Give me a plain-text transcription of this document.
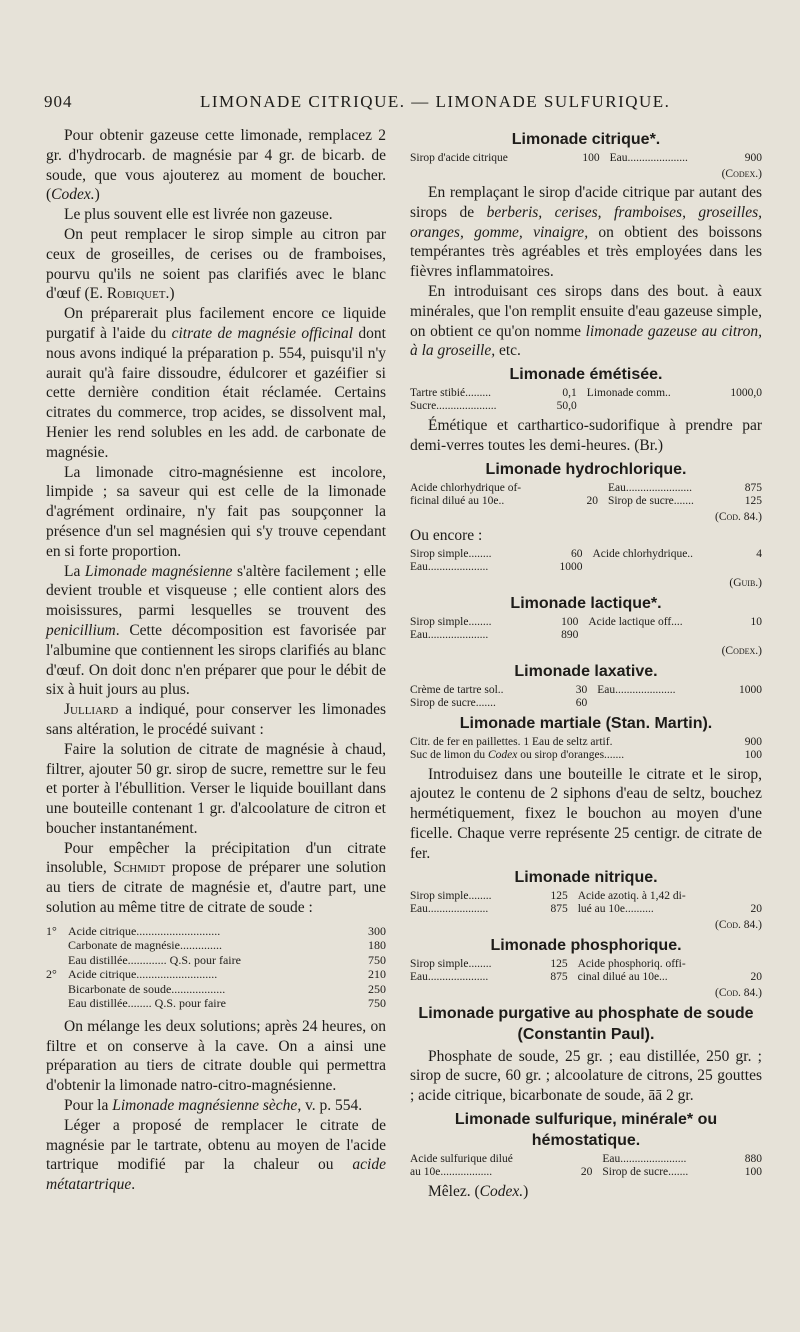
904	LIMONADE CITRIQUE. — LIMONADE SULFURIQUE.

Pour obtenir gazeuse cette limonade, remplacez 2 gr. d'hydrocarb. de magnésie par 4 gr. de bicarb. de soude, que vous ajouterez au moment de boucher. (Codex.)

Le plus souvent elle est livrée non gazeuse.

On peut remplacer le sirop simple au citron par ceux de groseilles, de cerises ou de framboises, pourvu qu'ils ne soient pas clarifiés avec le blanc d'œuf (E. Robiquet.)

On préparerait plus facilement encore ce liquide purgatif à l'aide du citrate de magnésie officinal dont nous avons indiqué la préparation p. 554, puisqu'il n'y aurait qu'à faire dissoudre, édulcorer et gazéifier si cette dernière condition était réclamée. Certains citrates du commerce, trop acides, se dissolvent mal, Henier les rend solubles en les add. de carbonate de magnésie.

La limonade citro-magnésienne est incolore, limpide ; sa saveur qui est celle de la limonade d'agrément ordinaire, n'y fait pas soupçonner la présence d'un sel magnésien qui s'y trouve cependant en si forte proportion.

La Limonade magnésienne s'altère facilement ; elle devient trouble et visqueuse ; elle contient alors des moisissures, parmi lesquelles se trouvent des penicillium. Cette décomposition est favorisée par l'albumine que contiennent les sirops clarifiés au blanc d'œuf. On doit donc n'en préparer que pour le débit de six à huit jours au plus.

Julliard a indiqué, pour conserver les limonades sans altération, le procédé suivant :

Faire la solution de citrate de magnésie à chaud, filtrer, ajouter 50 gr. sirop de sucre, remettre sur le feu et porter à l'ébullition. Verser le liquide bouillant dans une bouteille contenant 1 gr. d'alcoolature de citron et boucher instantanément.

Pour empêcher la précipitation d'un citrate insoluble, Schmidt propose de préparer une solution au tiers de citrate de magnésie et, d'autre part, une solution au même titre de citrate de soude :

1°	Acide citrique............................	300
	Carbonate de magnésie..............	180
	Eau distillée............. Q.S. pour faire	750
2°	Acide citrique...........................	210
	Bicarbonate de soude..................	250
	Eau distillée........ Q.S. pour faire	750

On mélange les deux solutions; après 24 heures, on filtre et on conserve à la cave. On a ainsi une préparation au tiers de citrate double qui permettra d'obtenir la limonade natro-citro-magnésienne.

Pour la Limonade magnésienne sèche, v. p. 554.

Léger a proposé de remplacer le citrate de magnésie par le tartrate, obtenu au moyen de l'acide tartrique modifié par la chaleur ou acide métatartrique.

Limonade citrique*.
Sirop d'acide citrique	100	Eau.....................	900
(Codex.)

En remplaçant le sirop d'acide citrique par autant des sirops de berberis, cerises, framboises, groseilles, oranges, gomme, vinaigre, on obtient des boissons tempérantes très agréables et très employées dans les fièvres inflammatoires.

En introduisant ces sirops dans des bout. à eaux minérales, que l'on remplit ensuite d'eau gazeuse simple, on obtient ce qu'on nomme limonade gazeuse au citron, à la groseille, etc.

Limonade émétisée.
Tartre stibié.........	0,1	Limonade comm..	1000,0
Sucre.....................	50,0		

Émétique et carthartico-sudorifique à prendre par demi-verres toutes les demi-heures. (Br.)

Limonade hydrochlorique.
Acide chlorhydrique of-		Eau.......................	875
ficinal dilué au 10e..	20	Sirop de sucre.......	125
(Cod. 84.)

Ou encore :

Sirop simple........	60	Acide chlorhydrique..	4
Eau.....................	1000		
(Guib.)
Limonade lactique*.
Sirop simple........	100	Acide lactique off....	10
Eau.....................	890		
(Codex.)
Limonade laxative.
Crème de tartre sol..	30	Eau.....................	1000
Sirop de sucre.......	60		
Limonade martiale (Stan. Martin).
Citr. de fer en paillettes. 1 Eau de seltz artif.	900
Suc de limon du Codex ou sirop d'oranges.......	100

Introduisez dans une bouteille le citrate et le sirop, ajoutez le contenu de 2 siphons d'eau de seltz, bouchez hermétiquement, fixez le bouchon au moyen d'une ficelle. Chaque verre représente 25 centigr. de citrate de fer.

Limonade nitrique.
Sirop simple........	125	Acide azotiq. à 1,42 di-	
Eau.....................	875	lué au 10e..........	20
(Cod. 84.)
Limonade phosphorique.
Sirop simple........	125	Acide phosphoriq. offi-	
Eau.....................	875	cinal dilué au 10e...	20
(Cod. 84.)
Limonade purgative au phosphate de soude (Constantin Paul).

Phosphate de soude, 25 gr. ; eau distillée, 250 gr. ; sirop de sucre, 60 gr. ; alcoolature de citrons, 25 gouttes ; acide citrique, bicarbonate de soude, āā 2 gr.

Limonade sulfurique, minérale* ou hémostatique.
Acide sulfurique dilué		Eau.......................	880
au 10e..................	20	Sirop de sucre.......	100

Mêlez. (Codex.)
